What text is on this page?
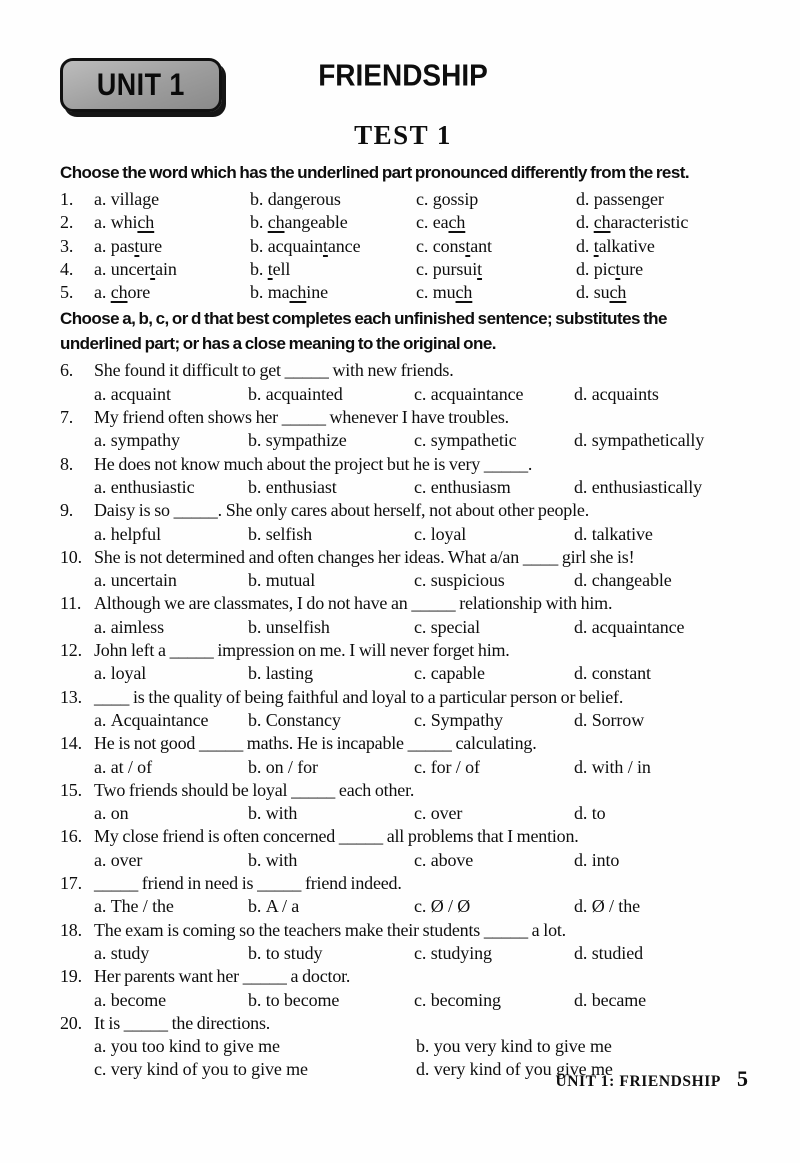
UNIT 1	FRIENDSHIP
TEST 1
Choose the word which has the underlined part pronounced differently from the rest.
1.	a. village	b. dangerous	c. gossip	d. passenger
2.	a. which	b. changeable	c. each	d. characteristic
3.	a. pasture	b. acquaintance	c. constant	d. talkative
4.	a. uncertain	b. tell	c. pursuit	d. picture
5.	a. chore	b. machine	c. much	d. such
Choose a, b, c, or d that best completes each unfinished sentence; substitutes the
underlined part; or has a close meaning to the original one.
6.	She found it difficult to get _____ with new friends.
a. acquaint	b. acquainted	c. acquaintance	d. acquaints
7.	My friend often shows her _____ whenever I have troubles.
a. sympathy	b. sympathize	c. sympathetic	d. sympathetically
8.	He does not know much about the project but he is very _____.
a. enthusiastic	b. enthusiast	c. enthusiasm	d. enthusiastically
9.	Daisy is so _____. She only cares about herself, not about other people.
a. helpful	b. selfish	c. loyal	d. talkative
10. She is not determined and often changes her ideas. What a/an ____ girl she is!
a. uncertain	b. mutual	c. suspicious	d. changeable
11. Although we are classmates, I do not have an _____ relationship with him.
a. aimless	b. unselfish	c. special	d. acquaintance
12. John left a _____ impression on me. I will never forget him.
a. loyal	b. lasting	c. capable	d. constant
13. ____ is the quality of being faithful and loyal to a particular person or belief.
a. Acquaintance	b. Constancy	c. Sympathy	d. Sorrow
14. He is not good _____ maths. He is incapable _____ calculating.
a. at / of	b. on / for	c. for / of	d. with / in
15. Two friends should be loyal _____ each other.
a. on	b. with	c. over	d. to
16. My close friend is often concerned _____ all problems that I mention.
a. over	b. with	c. above	d. into
17. _____ friend in need is _____ friend indeed.
a. The / the	b. A / a	c. Ø / Ø	d. Ø / the
18. The exam is coming so the teachers make their students _____ a lot.
a. study	b. to study	c. studying	d. studied
19. Her parents want her _____ a doctor.
a. become	b. to become	c. becoming	d. became
20. It is _____ the directions.
a. you too kind to give me	b. you very kind to give me
c. very kind of you to give me	d. very kind of you give me
UNIT 1: FRIENDSHIP 5
